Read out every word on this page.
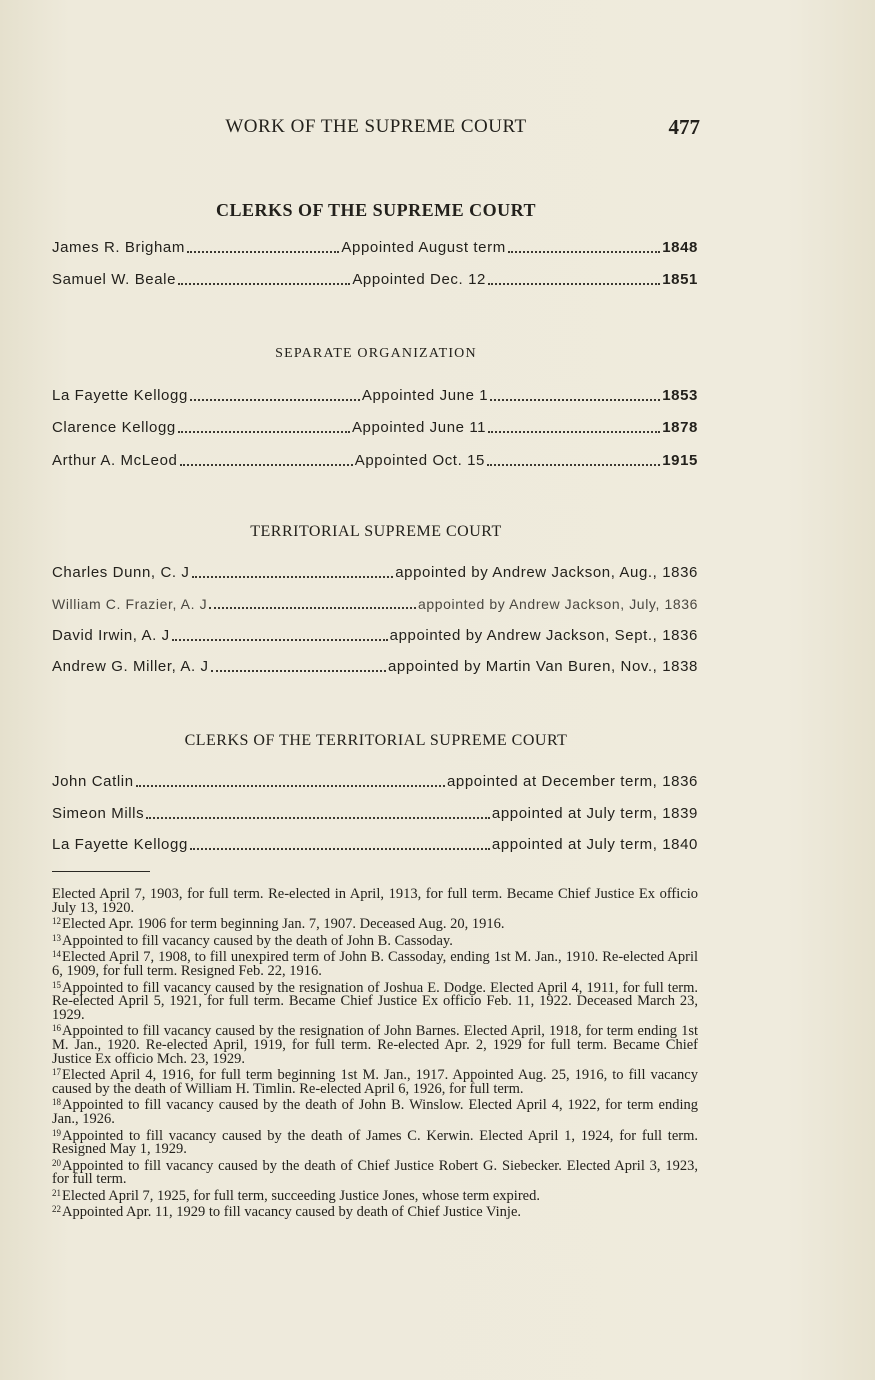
WORK OF THE SUPREME COURT	477
CLERKS OF THE SUPREME COURT
James R. Brigham	Appointed August term	1848
Samuel W. Beale	Appointed Dec. 12	1851
SEPARATE ORGANIZATION
La Fayette Kellogg	Appointed June 1	1853
Clarence Kellogg	Appointed June 11	1878
Arthur A. McLeod	Appointed Oct. 15	1915
TERRITORIAL SUPREME COURT
Charles Dunn, C. J	appointed by Andrew Jackson, Aug., 1836
William C. Frazier, A. J	appointed by Andrew Jackson, July, 1836
David Irwin, A. J	appointed by Andrew Jackson, Sept., 1836
Andrew G. Miller, A. J	appointed by Martin Van Buren, Nov., 1838
CLERKS OF THE TERRITORIAL SUPREME COURT
John Catlin	appointed at December term, 1836
Simeon Mills	appointed at July term, 1839
La Fayette Kellogg	appointed at July term, 1840

Elected April 7, 1903, for full term. Re-elected in April, 1913, for full term. Became Chief Justice Ex officio July 13, 1920.

$^{12}$Elected Apr. 1906 for term beginning Jan. 7, 1907. Deceased Aug. 20, 1916.

$^{13}$Appointed to fill vacancy caused by the death of John B. Cassoday.

$^{14}$Elected April 7, 1908, to fill unexpired term of John B. Cassoday, ending 1st M. Jan., 1910. Re-elected April 6, 1909, for full term. Resigned Feb. 22, 1916.

$^{15}$Appointed to fill vacancy caused by the resignation of Joshua E. Dodge. Elected April 4, 1911, for full term. Re-elected April 5, 1921, for full term. Became Chief Justice Ex officio Feb. 11, 1922. Deceased March 23, 1929.

$^{16}$Appointed to fill vacancy caused by the resignation of John Barnes. Elected April, 1918, for term ending 1st M. Jan., 1920. Re-elected April, 1919, for full term. Re-elected Apr. 2, 1929 for full term. Became Chief Justice Ex officio Mch. 23, 1929.

$^{17}$Elected April 4, 1916, for full term beginning 1st M. Jan., 1917. Appointed Aug. 25, 1916, to fill vacancy caused by the death of William H. Timlin. Re-elected April 6, 1926, for full term.

$^{18}$Appointed to fill vacancy caused by the death of John B. Winslow. Elected April 4, 1922, for term ending Jan., 1926.

$^{19}$Appointed to fill vacancy caused by the death of James C. Kerwin. Elected April 1, 1924, for full term. Resigned May 1, 1929.

$^{20}$Appointed to fill vacancy caused by the death of Chief Justice Robert G. Siebecker. Elected April 3, 1923, for full term.

$^{21}$Elected April 7, 1925, for full term, succeeding Justice Jones, whose term expired.

$^{22}$Appointed Apr. 11, 1929 to fill vacancy caused by death of Chief Justice Vinje.
